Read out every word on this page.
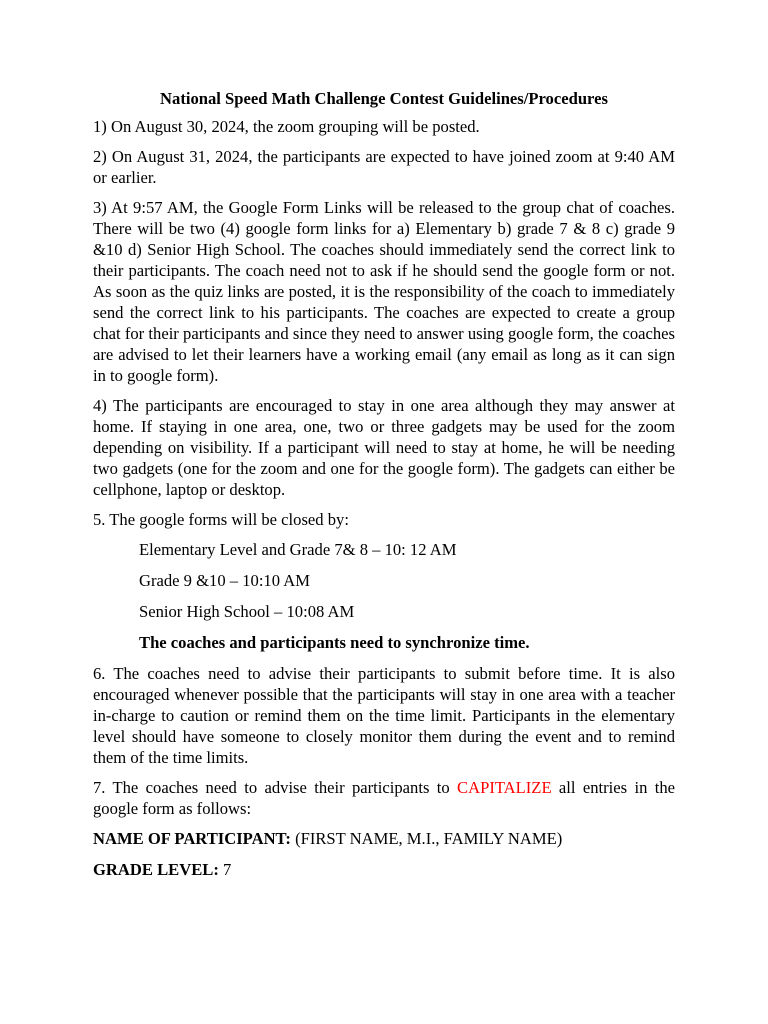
National Speed Math Challenge Contest Guidelines/Procedures

1) On August 30, 2024, the zoom grouping will be posted.

2) On August 31, 2024, the participants are expected to have joined zoom at 9:40 AM or earlier.

3) At 9:57 AM, the Google Form Links will be released to the group chat of coaches. There will be two (4) google form links for a) Elementary b) grade 7 & 8 c) grade 9 &10 d) Senior High School. The coaches should immediately send the correct link to their participants. The coach need not to ask if he should send the google form or not. As soon as the quiz links are posted, it is the responsibility of the coach to immediately send the correct link to his participants. The coaches are expected to create a group chat for their participants and since they need to answer using google form, the coaches are advised to let their learners have a working email (any email as long as it can sign in to google form).

4) The participants are encouraged to stay in one area although they may answer at home. If staying in one area, one, two or three gadgets may be used for the zoom depending on visibility. If a participant will need to stay at home, he will be needing two gadgets (one for the zoom and one for the google form). The gadgets can either be cellphone, laptop or desktop.

5. The google forms will be closed by:

Elementary Level and Grade 7& 8 – 10: 12 AM

Grade 9 &10 – 10:10 AM

Senior High School – 10:08 AM

The coaches and participants need to synchronize time.

6. The coaches need to advise their participants to submit before time. It is also encouraged whenever possible that the participants will stay in one area with a teacher in-charge to caution or remind them on the time limit. Participants in the elementary level should have someone to closely monitor them during the event and to remind them of the time limits.

7. The coaches need to advise their participants to CAPITALIZE all entries in the google form as follows:

NAME OF PARTICIPANT: (FIRST NAME, M.I., FAMILY NAME)

GRADE LEVEL: 7
